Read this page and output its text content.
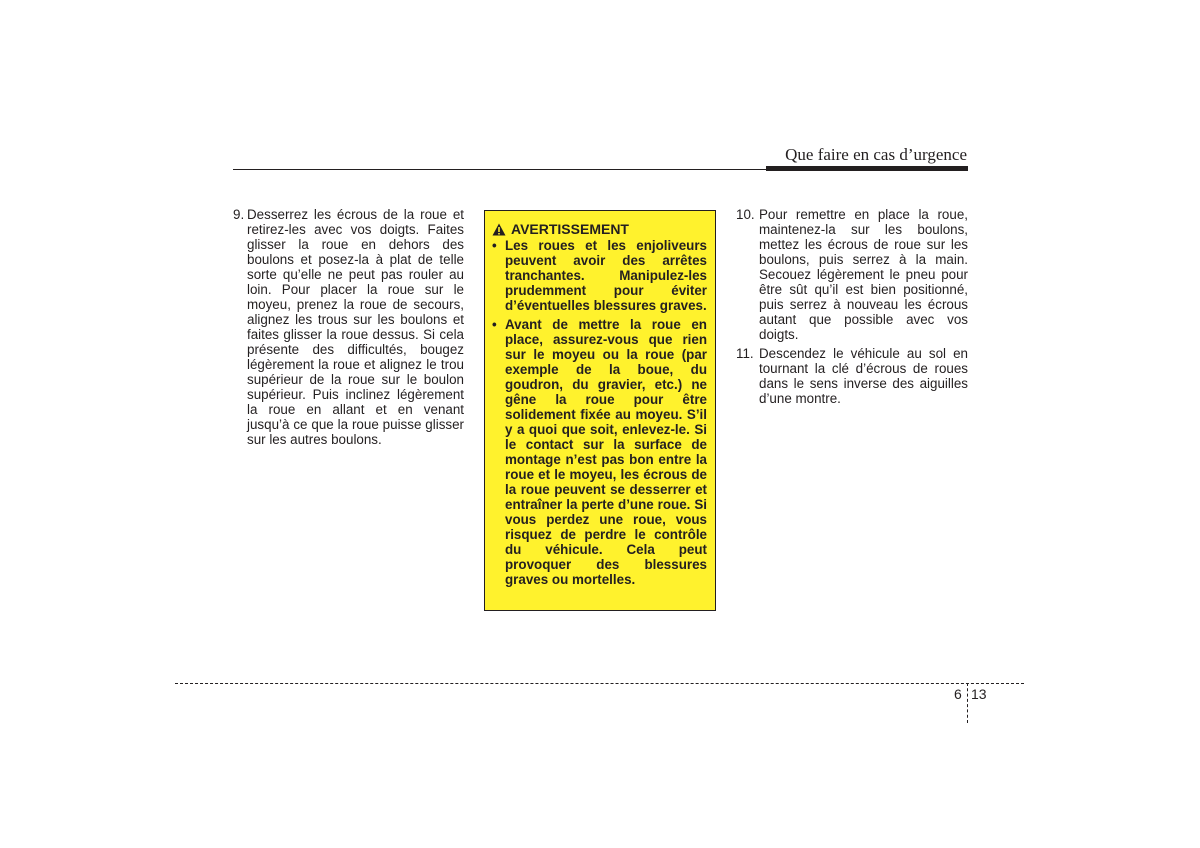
Que faire en cas d’urgence
9. Desserrez les écrous de la roue et retirez-les avec vos doigts. Faites glisser la roue en dehors des boulons et posez-la à plat de telle sorte qu’elle ne peut pas rouler au loin. Pour placer la roue sur le moyeu, prenez la roue de secours, alignez les trous sur les boulons et faites glisser la roue dessus. Si cela présente des difficultés, bougez légèrement la roue et alignez le trou supérieur de la roue sur le boulon supérieur. Puis inclinez légèrement la roue en allant et en venant jusqu’à ce que la roue puisse glisser sur les autres boulons.
AVERTISSEMENT
• Les roues et les enjoliveurs peuvent avoir des arrêtes tranchantes. Manipulez-les prudemment pour éviter d’éventuelles blessures graves.
• Avant de mettre la roue en place, assurez-vous que rien sur le moyeu ou la roue (par exemple de la boue, du goudron, du gravier, etc.) ne gêne la roue pour être solidement fixée au moyeu. S’il y a quoi que soit, enlevez-le. Si le contact sur la surface de montage n’est pas bon entre la roue et le moyeu, les écrous de la roue peuvent se desserrer et entraîner la perte d’une roue. Si vous perdez une roue, vous risquez de perdre le contrôle du véhicule. Cela peut provoquer des blessures graves ou mortelles.
10. Pour remettre en place la roue, maintenez-la sur les boulons, mettez les écrous de roue sur les boulons, puis serrez à la main. Secouez légèrement le pneu pour être sût qu’il est bien positionné, puis serrez à nouveau les écrous autant que possible avec vos doigts.
11. Descendez le véhicule au sol en tournant la clé d’écrous de roues dans le sens inverse des aiguilles d’une montre.
6 13
